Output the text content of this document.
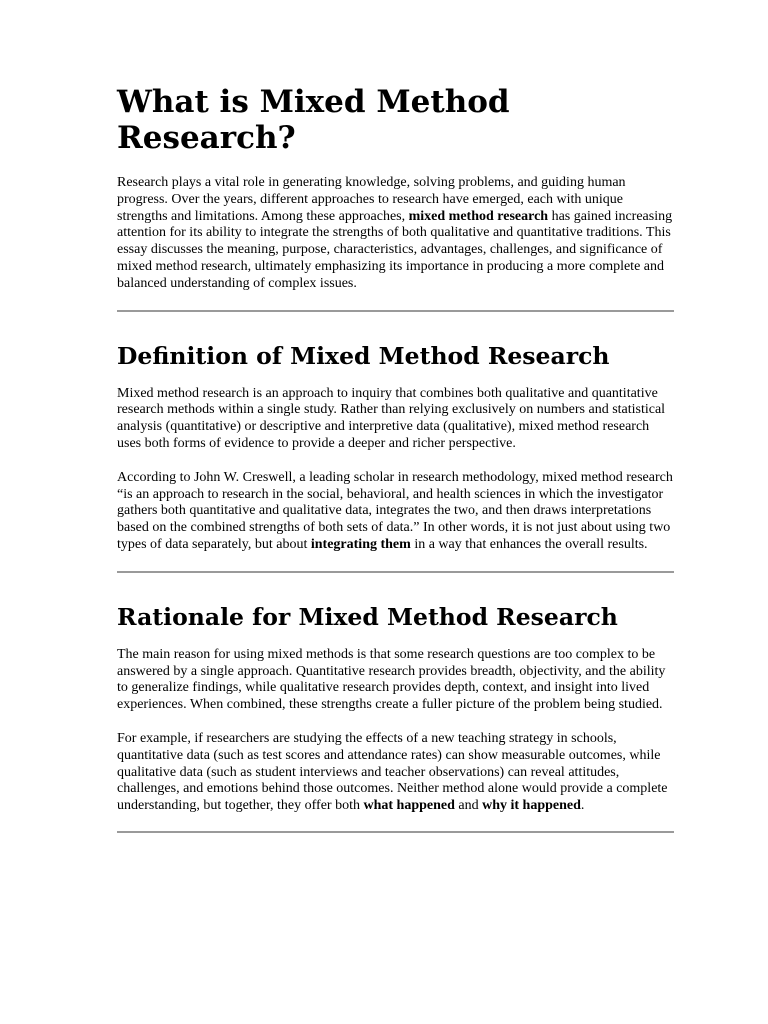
What is Mixed Method Research?

Research plays a vital role in generating knowledge, solving problems, and guiding human progress. Over the years, different approaches to research have emerged, each with unique strengths and limitations. Among these approaches, mixed method research has gained increasing attention for its ability to integrate the strengths of both qualitative and quantitative traditions. This essay discusses the meaning, purpose, characteristics, advantages, challenges, and significance of mixed method research, ultimately emphasizing its importance in producing a more complete and balanced understanding of complex issues.

Definition of Mixed Method Research

Mixed method research is an approach to inquiry that combines both qualitative and quantitative research methods within a single study. Rather than relying exclusively on numbers and statistical analysis (quantitative) or descriptive and interpretive data (qualitative), mixed method research uses both forms of evidence to provide a deeper and richer perspective.

According to John W. Creswell, a leading scholar in research methodology, mixed method research “is an approach to research in the social, behavioral, and health sciences in which the investigator gathers both quantitative and qualitative data, integrates the two, and then draws interpretations based on the combined strengths of both sets of data.” In other words, it is not just about using two types of data separately, but about integrating them in a way that enhances the overall results.

Rationale for Mixed Method Research

The main reason for using mixed methods is that some research questions are too complex to be answered by a single approach. Quantitative research provides breadth, objectivity, and the ability to generalize findings, while qualitative research provides depth, context, and insight into lived experiences. When combined, these strengths create a fuller picture of the problem being studied.

For example, if researchers are studying the effects of a new teaching strategy in schools, quantitative data (such as test scores and attendance rates) can show measurable outcomes, while qualitative data (such as student interviews and teacher observations) can reveal attitudes, challenges, and emotions behind those outcomes. Neither method alone would provide a complete understanding, but together, they offer both what happened and why it happened.
